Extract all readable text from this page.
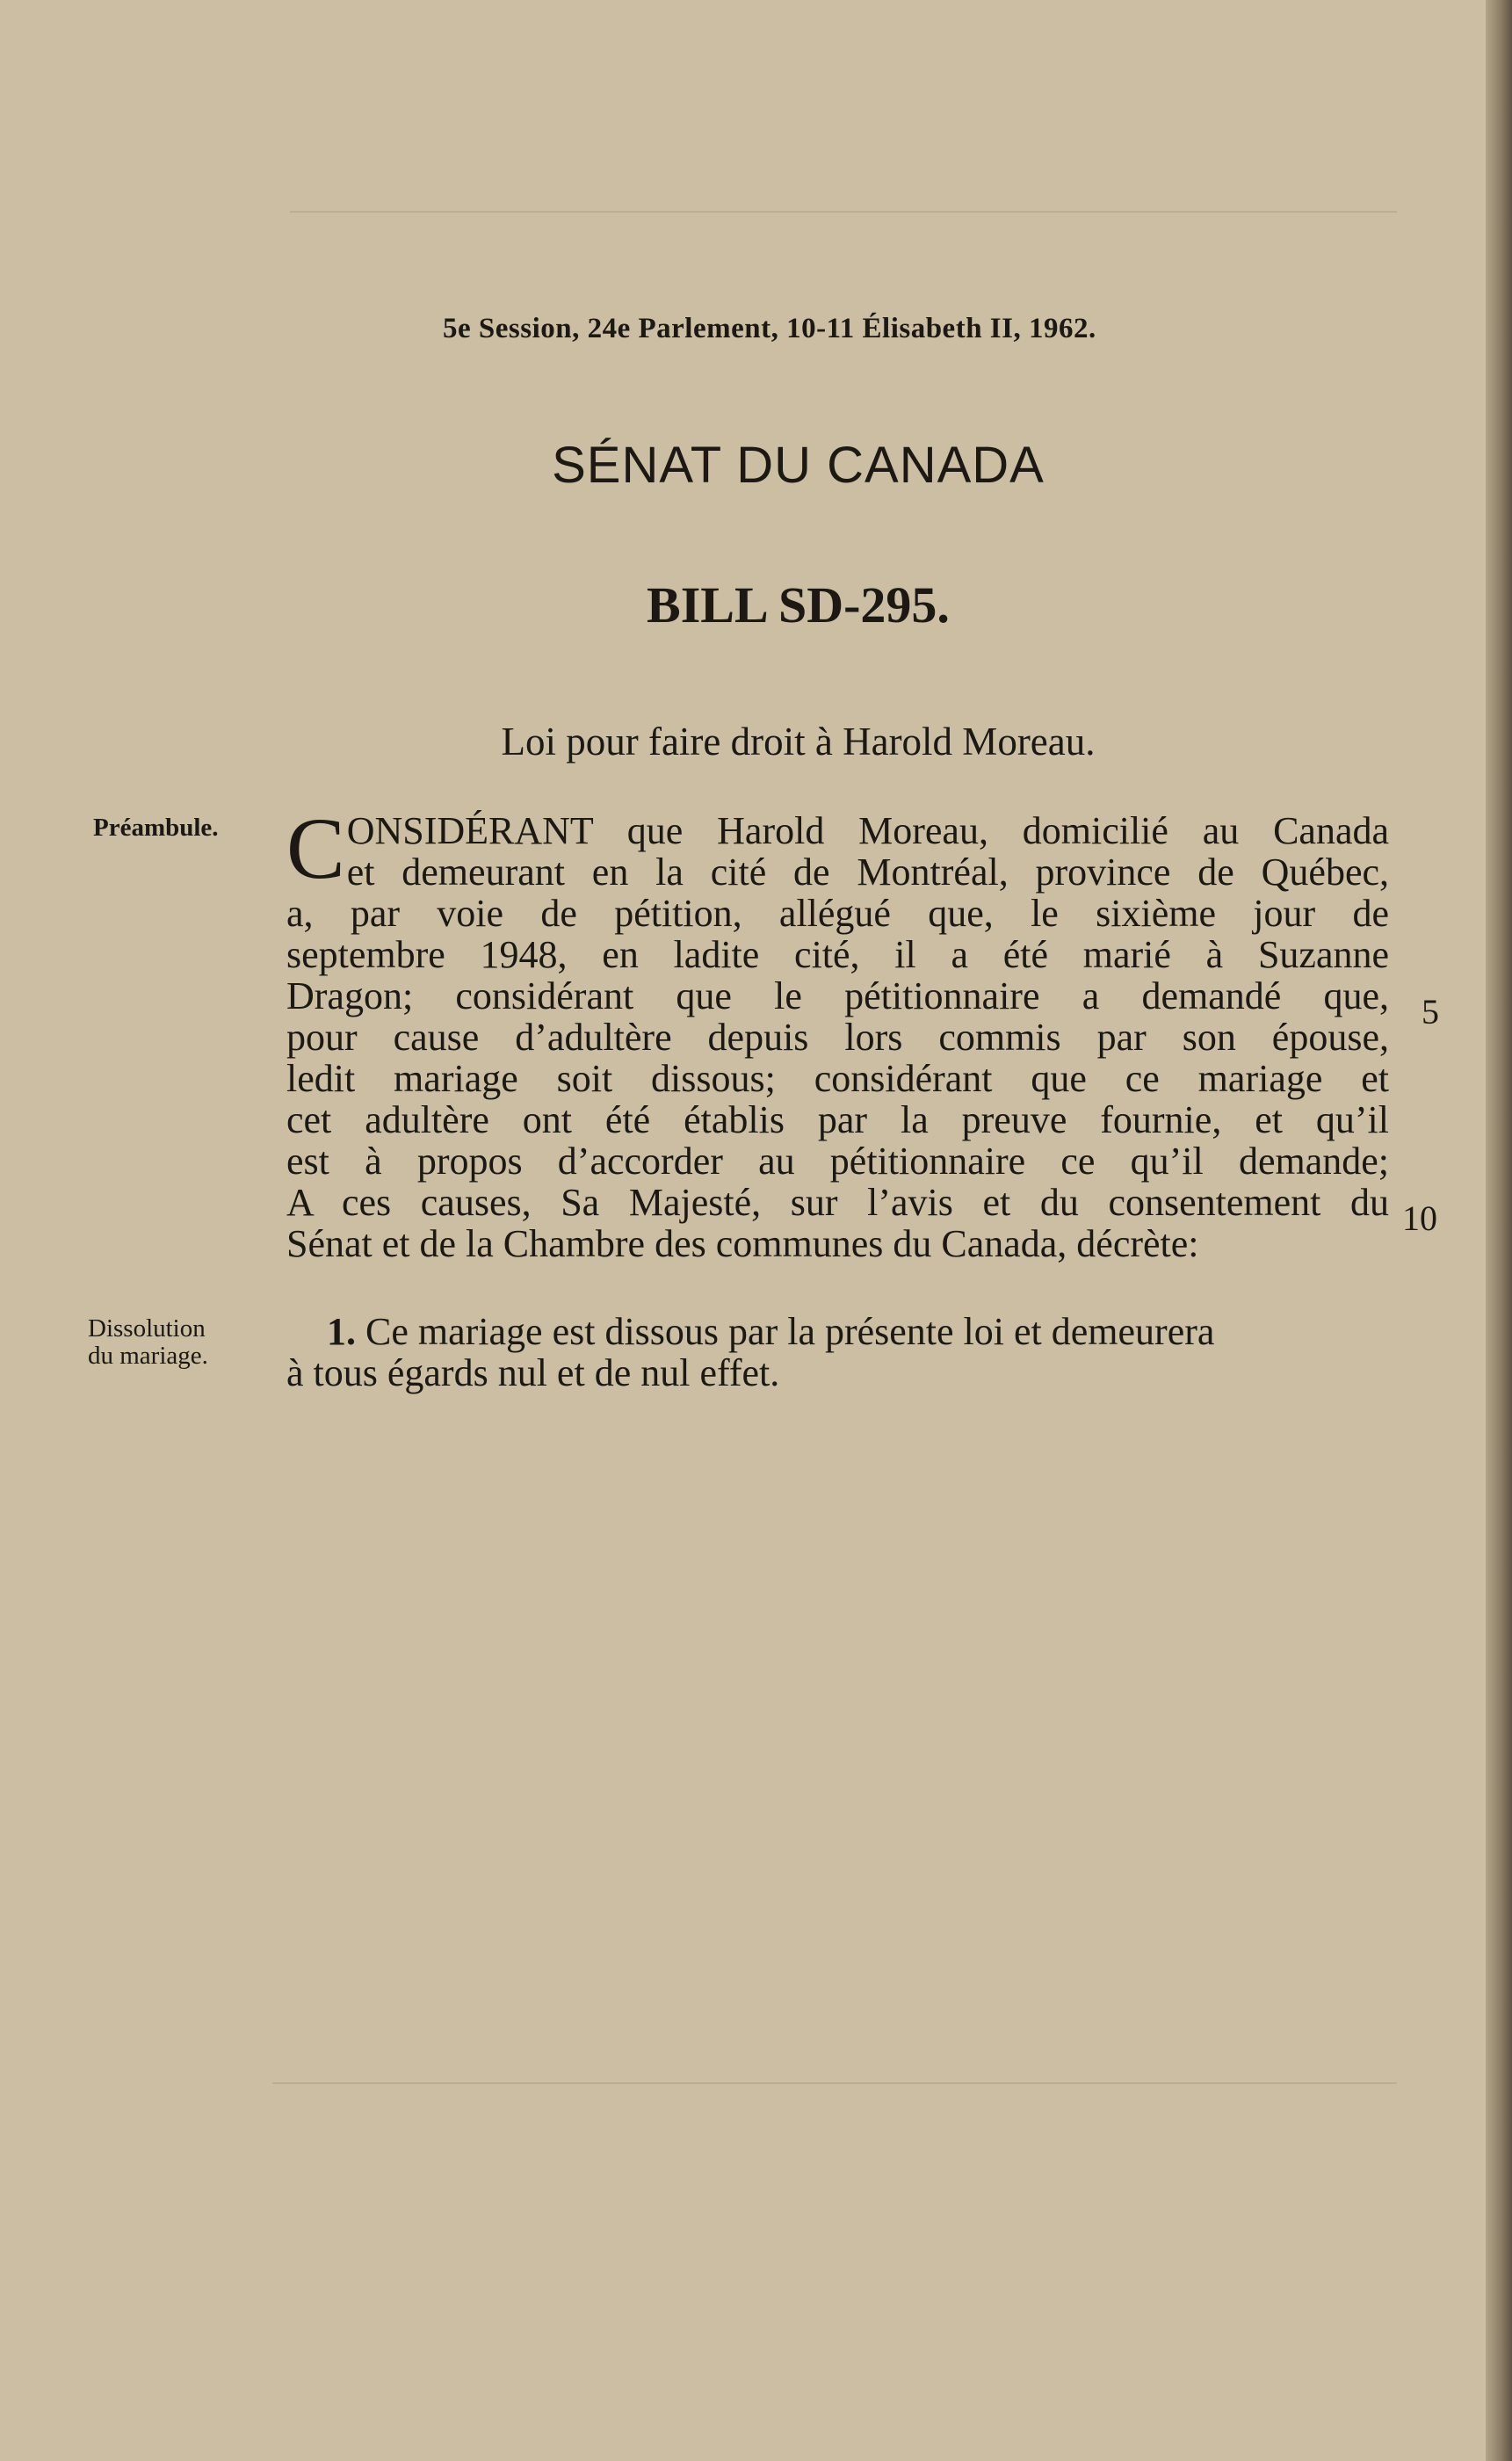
5e Session, 24e Parlement, 10-11 Élisabeth II, 1962.
SÉNAT DU CANADA
BILL SD-295.
Loi pour faire droit à Harold Moreau.
Préambule. C ONSIDÉRANT que Harold Moreau, domicilié au Canada
et demeurant en la cité de Montréal, province de Québec,
a, par voie de pétition, allégué que, le sixième jour de
septembre 1948, en ladite cité, il a été marié à Suzanne
Dragon; considérant que le pétitionnaire a demandé que,
pour cause d’adultère depuis lors commis par son épouse,
ledit mariage soit dissous; considérant que ce mariage et
cet adultère ont été établis par la preuve fournie, et qu’il
est à propos d’accorder au pétitionnaire ce qu’il demande;
A ces causes, Sa Majesté, sur l’avis et du consentement du
Sénat et de la Chambre des communes du Canada, décrète:
5
10
Dissolution
du mariage.
1. Ce mariage est dissous par la présente loi et demeurera
à tous égards nul et de nul effet.
